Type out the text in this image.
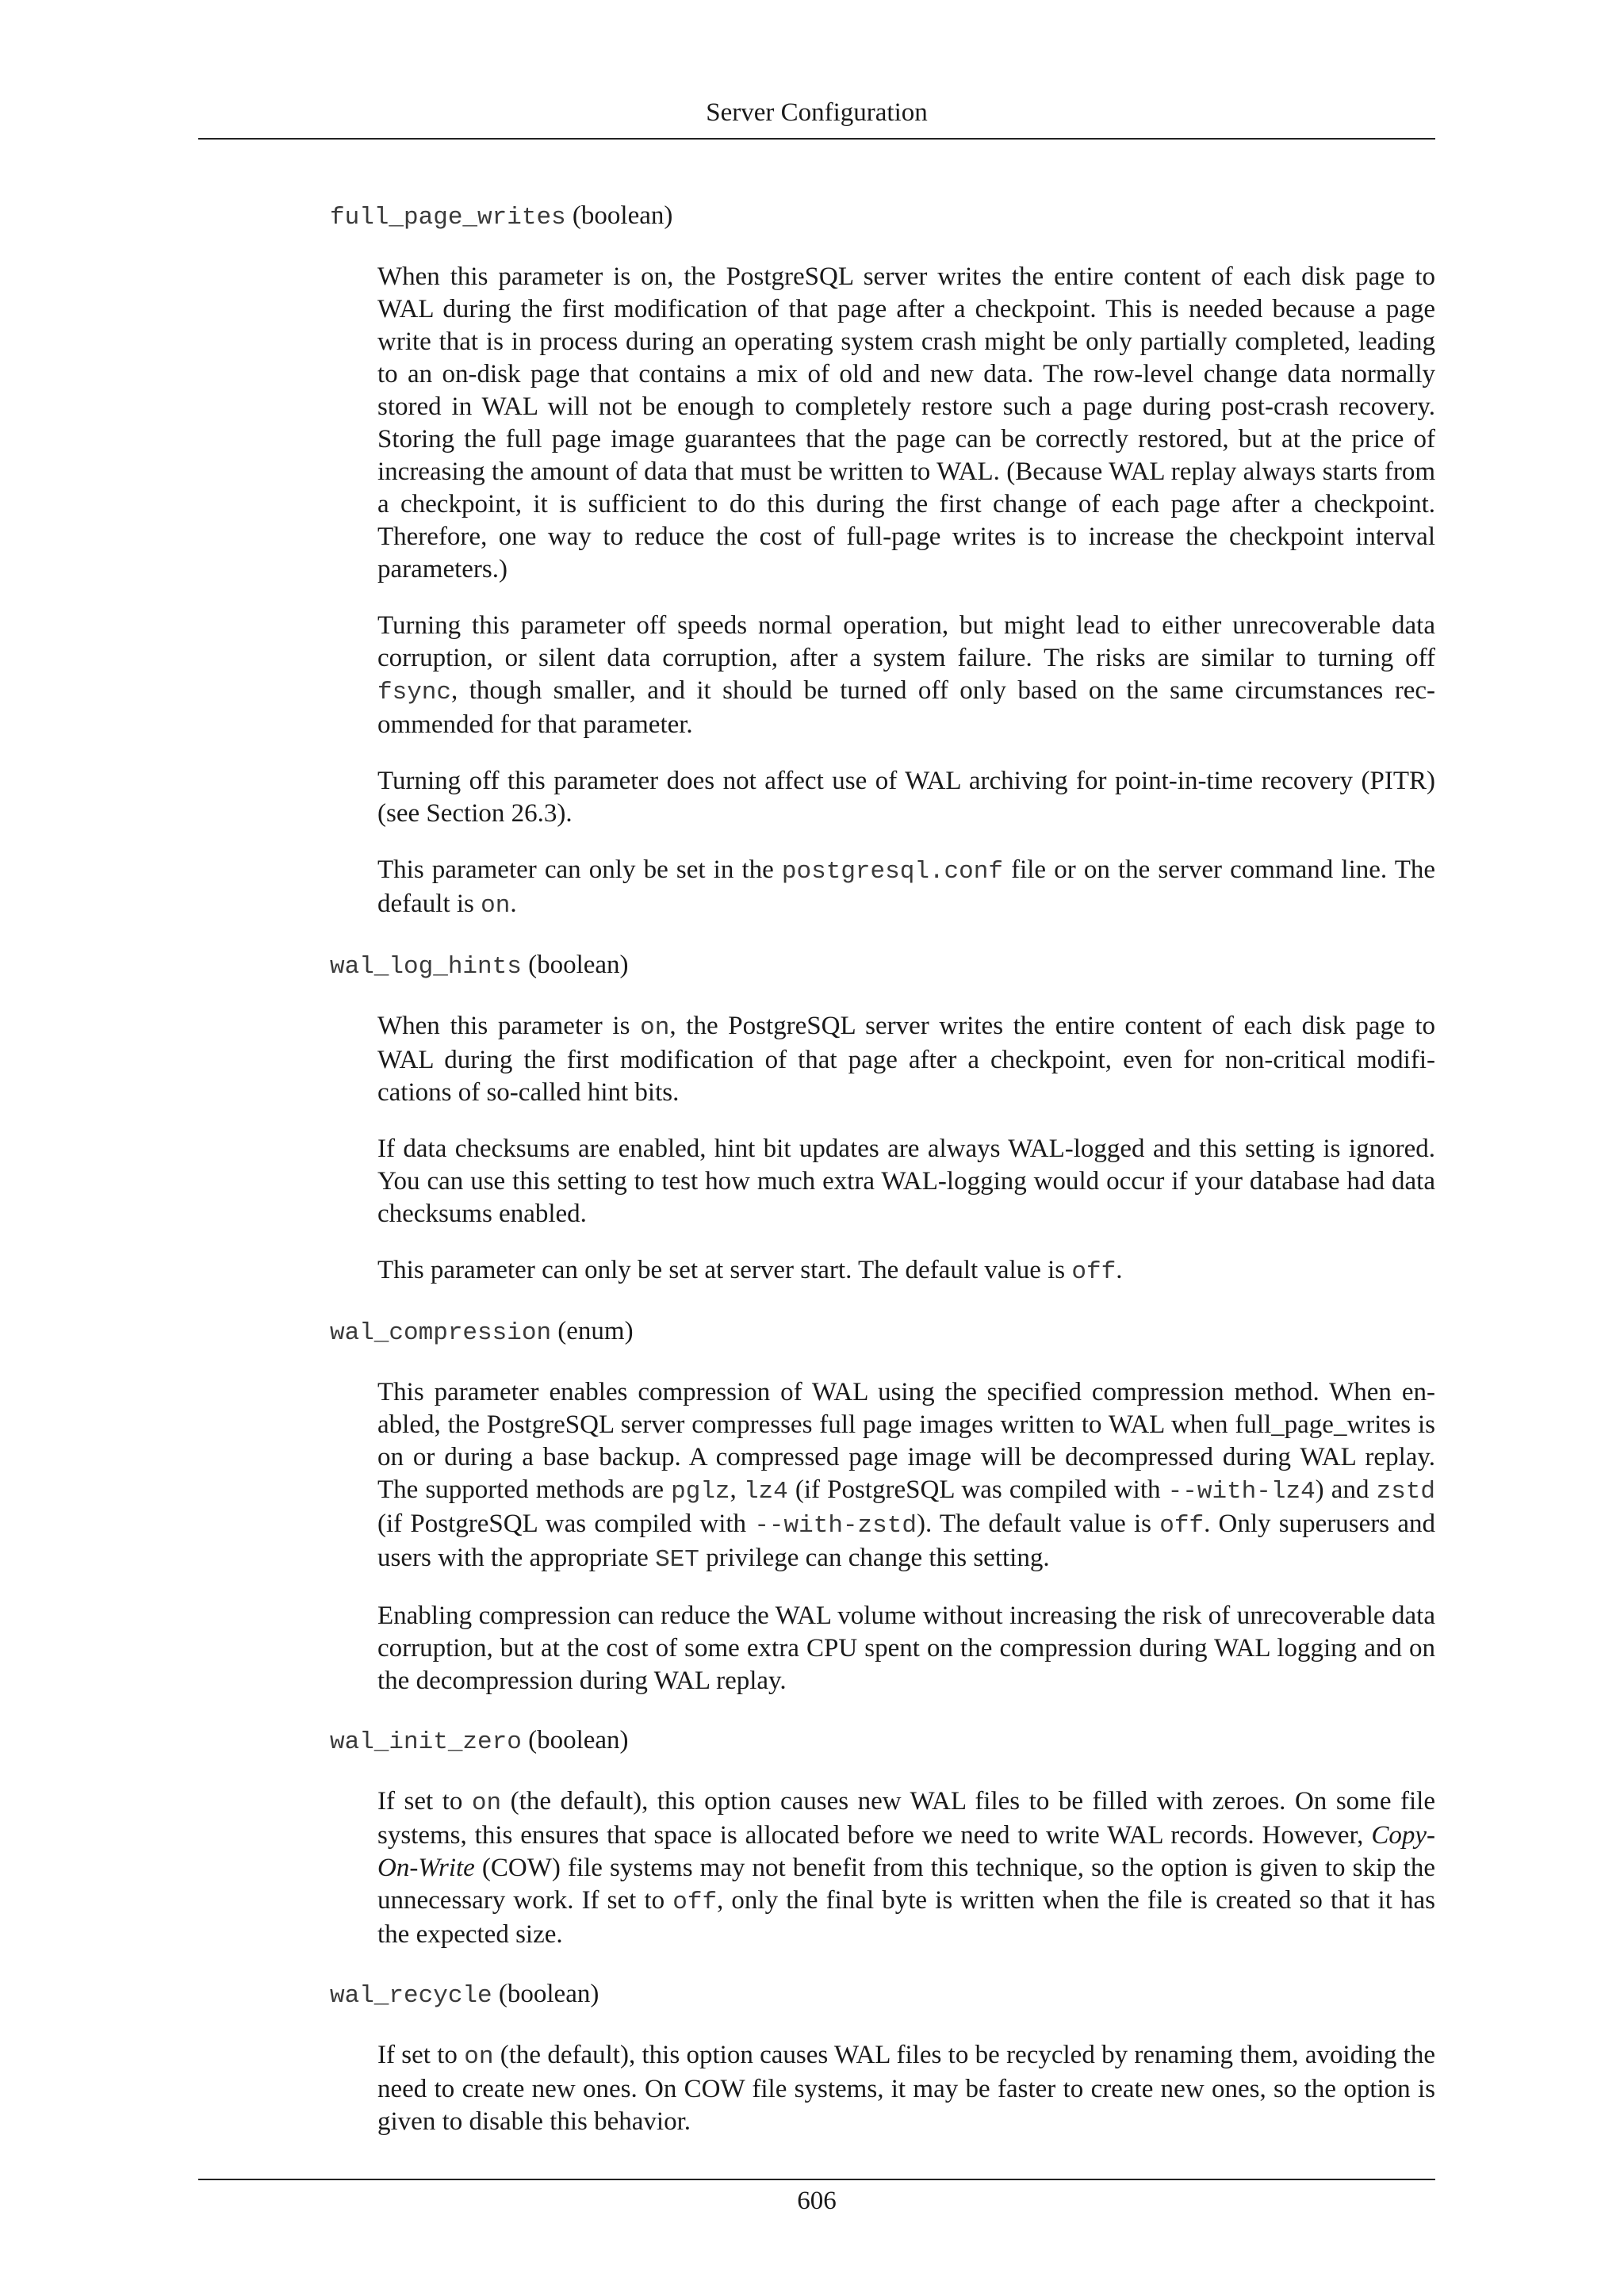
Server Configuration
full_page_writes (boolean)

When this parameter is on, the PostgreSQL server writes the entire content of each disk page to WAL during the first modification of that page after a checkpoint. This is needed because a page write that is in process during an operating system crash might be only partially completed, leading to an on-disk page that contains a mix of old and new data. The row-level change data normally stored in WAL will not be enough to completely restore such a page during post-crash recovery. Storing the full page image guarantees that the page can be correctly restored, but at the price of increasing the amount of data that must be written to WAL. (Because WAL replay always starts from a checkpoint, it is sufficient to do this during the first change of each page after a checkpoint. Therefore, one way to reduce the cost of full-page writes is to increase the checkpoint interval parameters.)

Turning this parameter off speeds normal operation, but might lead to either unrecoverable data corruption, or silent data corruption, after a system failure. The risks are similar to turning off fsync, though smaller, and it should be turned off only based on the same circumstances recommended for that parameter.

Turning off this parameter does not affect use of WAL archiving for point-in-time recovery (PITR) (see Section 26.3).

This parameter can only be set in the postgresql.conf file or on the server command line. The default is on.

wal_log_hints (boolean)

When this parameter is on, the PostgreSQL server writes the entire content of each disk page to WAL during the first modification of that page after a checkpoint, even for non-critical modifications of so-called hint bits.

If data checksums are enabled, hint bit updates are always WAL-logged and this setting is ignored. You can use this setting to test how much extra WAL-logging would occur if your database had data checksums enabled.

This parameter can only be set at server start. The default value is off.

wal_compression (enum)

This parameter enables compression of WAL using the specified compression method. When enabled, the PostgreSQL server compresses full page images written to WAL when full_page_writes is on or during a base backup. A compressed page image will be decompressed during WAL replay. The supported methods are pglz, lz4 (if PostgreSQL was compiled with --with-lz4) and zstd (if PostgreSQL was compiled with --with-zstd). The default value is off. Only superusers and users with the appropriate SET privilege can change this setting.

Enabling compression can reduce the WAL volume without increasing the risk of unrecoverable data corruption, but at the cost of some extra CPU spent on the compression during WAL logging and on the decompression during WAL replay.

wal_init_zero (boolean)

If set to on (the default), this option causes new WAL files to be filled with zeroes. On some file systems, this ensures that space is allocated before we need to write WAL records. However, Copy-On-Write (COW) file systems may not benefit from this technique, so the option is given to skip the unnecessary work. If set to off, only the final byte is written when the file is created so that it has the expected size.

wal_recycle (boolean)

If set to on (the default), this option causes WAL files to be recycled by renaming them, avoiding the need to create new ones. On COW file systems, it may be faster to create new ones, so the option is given to disable this behavior.

606
